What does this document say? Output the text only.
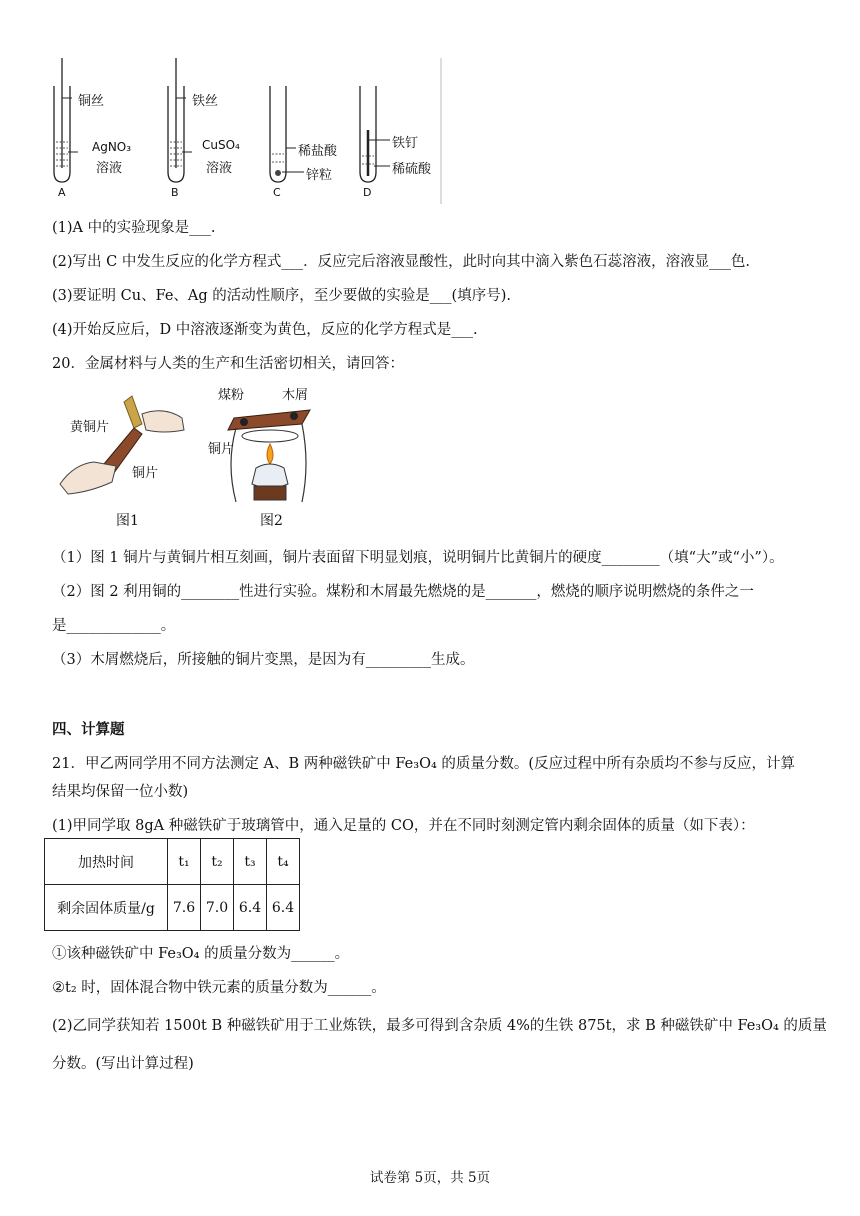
铜丝
AgNO₃
溶液
A
铁丝
CuSO₄
溶液
B
稀盐酸
锌粒
C
铁钉
稀硫酸
D
(1)A 中的实验现象是___.
(2)写出 C 中发生反应的化学方程式___．反应完后溶液显酸性，此时向其中滴入紫色石蕊溶液，溶液显___色.
(3)要证明 Cu、Fe、Ag 的活动性顺序，至少要做的实验是___(填序号).
(4)开始反应后，D 中溶液逐渐变为黄色，反应的化学方程式是___.
20．金属材料与人类的生产和生活密切相关，请回答：
黄铜片
铜片
图1
煤粉	木屑
铜片
图2
（1）图 1 铜片与黄铜片相互刻画，铜片表面留下明显划痕，说明铜片比黄铜片的硬度________（填“大”或“小”）。
（2）图 2 利用铜的________性进行实验。煤粉和木屑最先燃烧的是_______，燃烧的顺序说明燃烧的条件之一
是_____________。
（3）木屑燃烧后，所接触的铜片变黑，是因为有_________生成。
四、计算题
21．甲乙两同学用不同方法测定 A、B 两种磁铁矿中 Fe₃O₄ 的质量分数。(反应过程中所有杂质均不参与反应，计算
结果均保留一位小数)
(1)甲同学取 8gA 种磁铁矿于玻璃管中，通入足量的 CO，并在不同时刻测定管内剩余固体的质量（如下表）：
加热时间	t₁	t₂	t₃	t₄
剩余固体质量/g	7.6	7.0	6.4	6.4
①该种磁铁矿中 Fe₃O₄ 的质量分数为______。
②t₂ 时，固体混合物中铁元素的质量分数为______。
(2)乙同学获知若 1500t B 种磁铁矿用于工业炼铁，最多可得到含杂质 4%的生铁 875t，求 B 种磁铁矿中 Fe₃O₄ 的质量
分数。(写出计算过程)
试卷第 5页，共 5页
